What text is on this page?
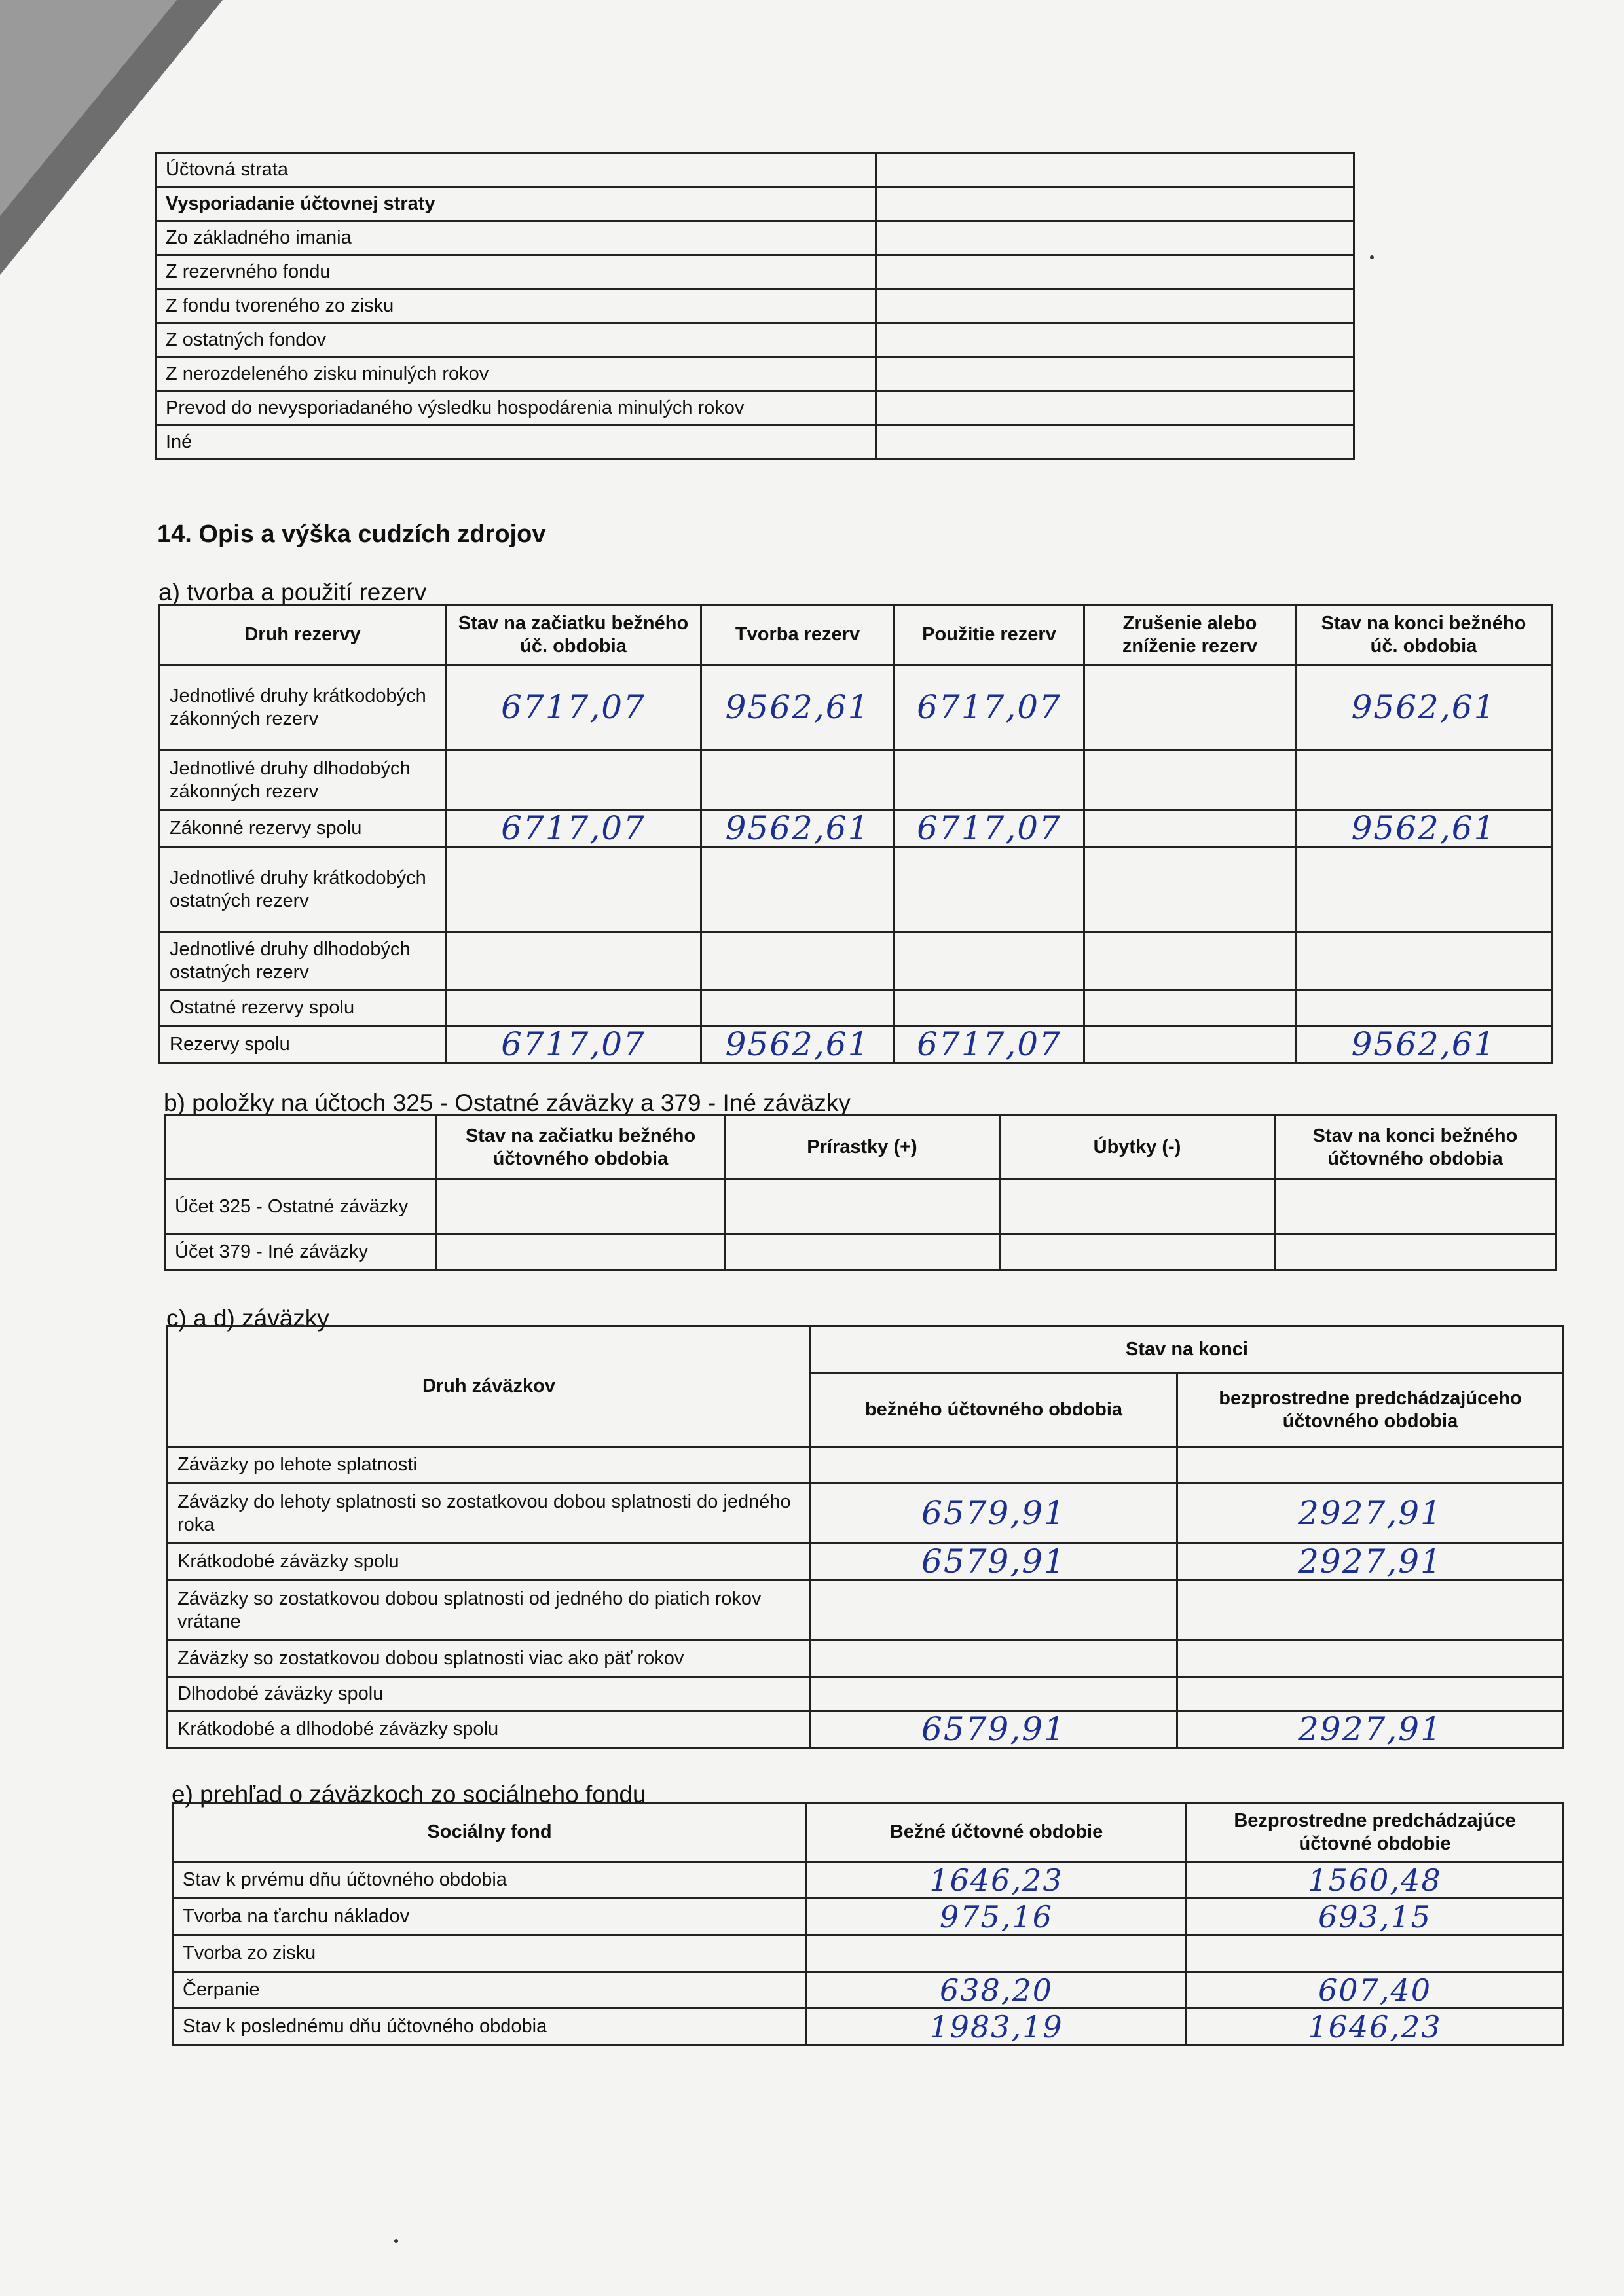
Účtovná strata	
Vysporiadanie účtovnej straty	
Zo základného imania	
Z rezervného fondu	
Z fondu tvoreného zo zisku	
Z ostatných fondov	
Z nerozdeleného zisku minulých rokov	
Prevod do nevysporiadaného výsledku hospodárenia minulých rokov	
Iné	
14. Opis a výška cudzích zdrojov
a) tvorba a použití rezerv
Druh rezervy	Stav na začiatku bežného úč. obdobia	Tvorba rezerv	Použitie rezerv	Zrušenie alebo zníženie rezerv	Stav na konci bežného úč. obdobia
Jednotlivé druhy krátkodobých zákonných rezerv	6717,07	9562,61	6717,07		9562,61
Jednotlivé druhy dlhodobých zákonných rezerv					
Zákonné rezervy spolu	6717,07	9562,61	6717,07		9562,61
Jednotlivé druhy krátkodobých ostatných rezerv					
Jednotlivé druhy dlhodobých ostatných rezerv					
Ostatné rezervy spolu					
Rezervy spolu	6717,07	9562,61	6717,07		9562,61
b) položky na účtoch 325 - Ostatné záväzky a 379 - Iné záväzky
	Stav na začiatku bežného účtovného obdobia	Prírastky (+)	Úbytky (-)	Stav na konci bežného účtovného obdobia
Účet 325 - Ostatné záväzky				
Účet 379 - Iné záväzky				
c) a d) záväzky
Druh záväzkov	Stav na konci	
	bežného účtovného obdobia	bezprostredne predchádzajúceho účtovného obdobia
Záväzky po lehote splatnosti		
Záväzky do lehoty splatnosti so zostatkovou dobou splatnosti do jedného roka	6579,91	2927,91
Krátkodobé záväzky spolu	6579,91	2927,91
Záväzky so zostatkovou dobou splatnosti od jedného do piatich rokov vrátane		
Záväzky so zostatkovou dobou splatnosti viac ako päť rokov		
Dlhodobé záväzky spolu		
Krátkodobé a dlhodobé záväzky spolu	6579,91	2927,91
e) prehľad o záväzkoch zo sociálneho fondu
Sociálny fond	Bežné účtovné obdobie	Bezprostredne predchádzajúce účtovné obdobie
Stav k prvému dňu účtovného obdobia	1646,23	1560,48
Tvorba na ťarchu nákladov	975,16	693,15
Tvorba zo zisku		
Čerpanie	638,20	607,40
Stav k poslednému dňu účtovného obdobia	1983,19	1646,23
